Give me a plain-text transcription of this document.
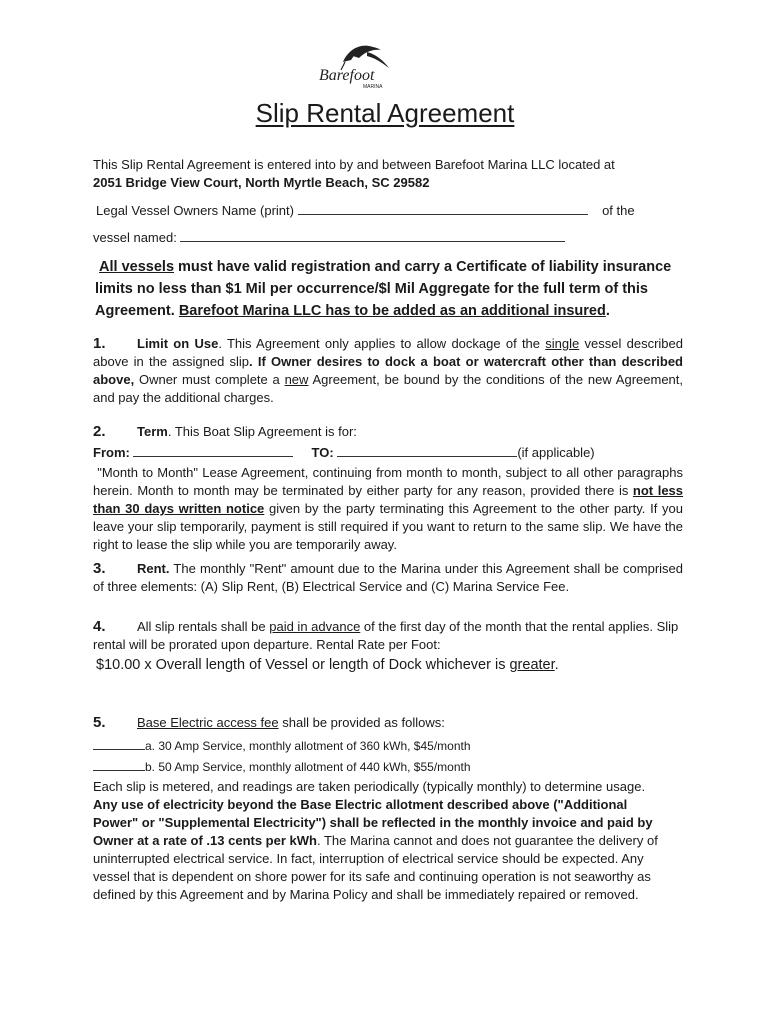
Barefoot
MARINA
Slip Rental Agreement

This Slip Rental Agreement is entered into by and between Barefoot Marina LLC located at

2051 Bridge View Court, North Myrtle Beach, SC 29582

Legal Vessel Owners Name (print)	of the
vessel named:
All vessels must have valid registration and carry a Certificate of liability insurance limits no less than $1 Mil per occurrence/$l Mil Aggregate for the full term of this Agreement. Barefoot Marina LLC has to be added as an additional insured.
1. Limit on Use. This Agreement only applies to allow dockage of the single vessel described above in the assigned slip. If Owner desires to dock a boat or watercraft other than described above, Owner must complete a new Agreement, be bound by the conditions of the new Agreement, and pay the additional charges.
2. Term. This Boat Slip Agreement is for:
From:	TO:	(if applicable)
"Month to Month" Lease Agreement, continuing from month to month, subject to all other paragraphs herein. Month to month may be terminated by either party for any reason, provided there is not less than 30 days written notice given by the party terminating this Agreement to the other party. If you leave your slip temporarily, payment is still required if you want to return to the same slip. We have the right to lease the slip while you are temporarily away.
3. Rent. The monthly "Rent" amount due to the Marina under this Agreement shall be comprised of three elements: (A) Slip Rent, (B) Electrical Service and (C) Marina Service Fee.
4. All slip rentals shall be paid in advance of the first day of the month that the rental applies. Slip rental will be prorated upon departure. Rental Rate per Foot:
$10.00 x Overall length of Vessel or length of Dock whichever is greater.
5. Base Electric access fee shall be provided as follows:
a. 30 Amp Service, monthly allotment of 360 kWh, $45/month
b. 50 Amp Service, monthly allotment of 440 kWh, $55/month
Each slip is metered, and readings are taken periodically (typically monthly) to determine usage. Any use of electricity beyond the Base Electric allotment described above ("Additional Power" or "Supplemental Electricity") shall be reflected in the monthly invoice and paid by Owner at a rate of .13 cents per kWh. The Marina cannot and does not guarantee the delivery of uninterrupted electrical service. In fact, interruption of electrical service should be expected. Any vessel that is dependent on shore power for its safe and continuing operation is not seaworthy as defined by this Agreement and by Marina Policy and shall be immediately repaired or removed.
